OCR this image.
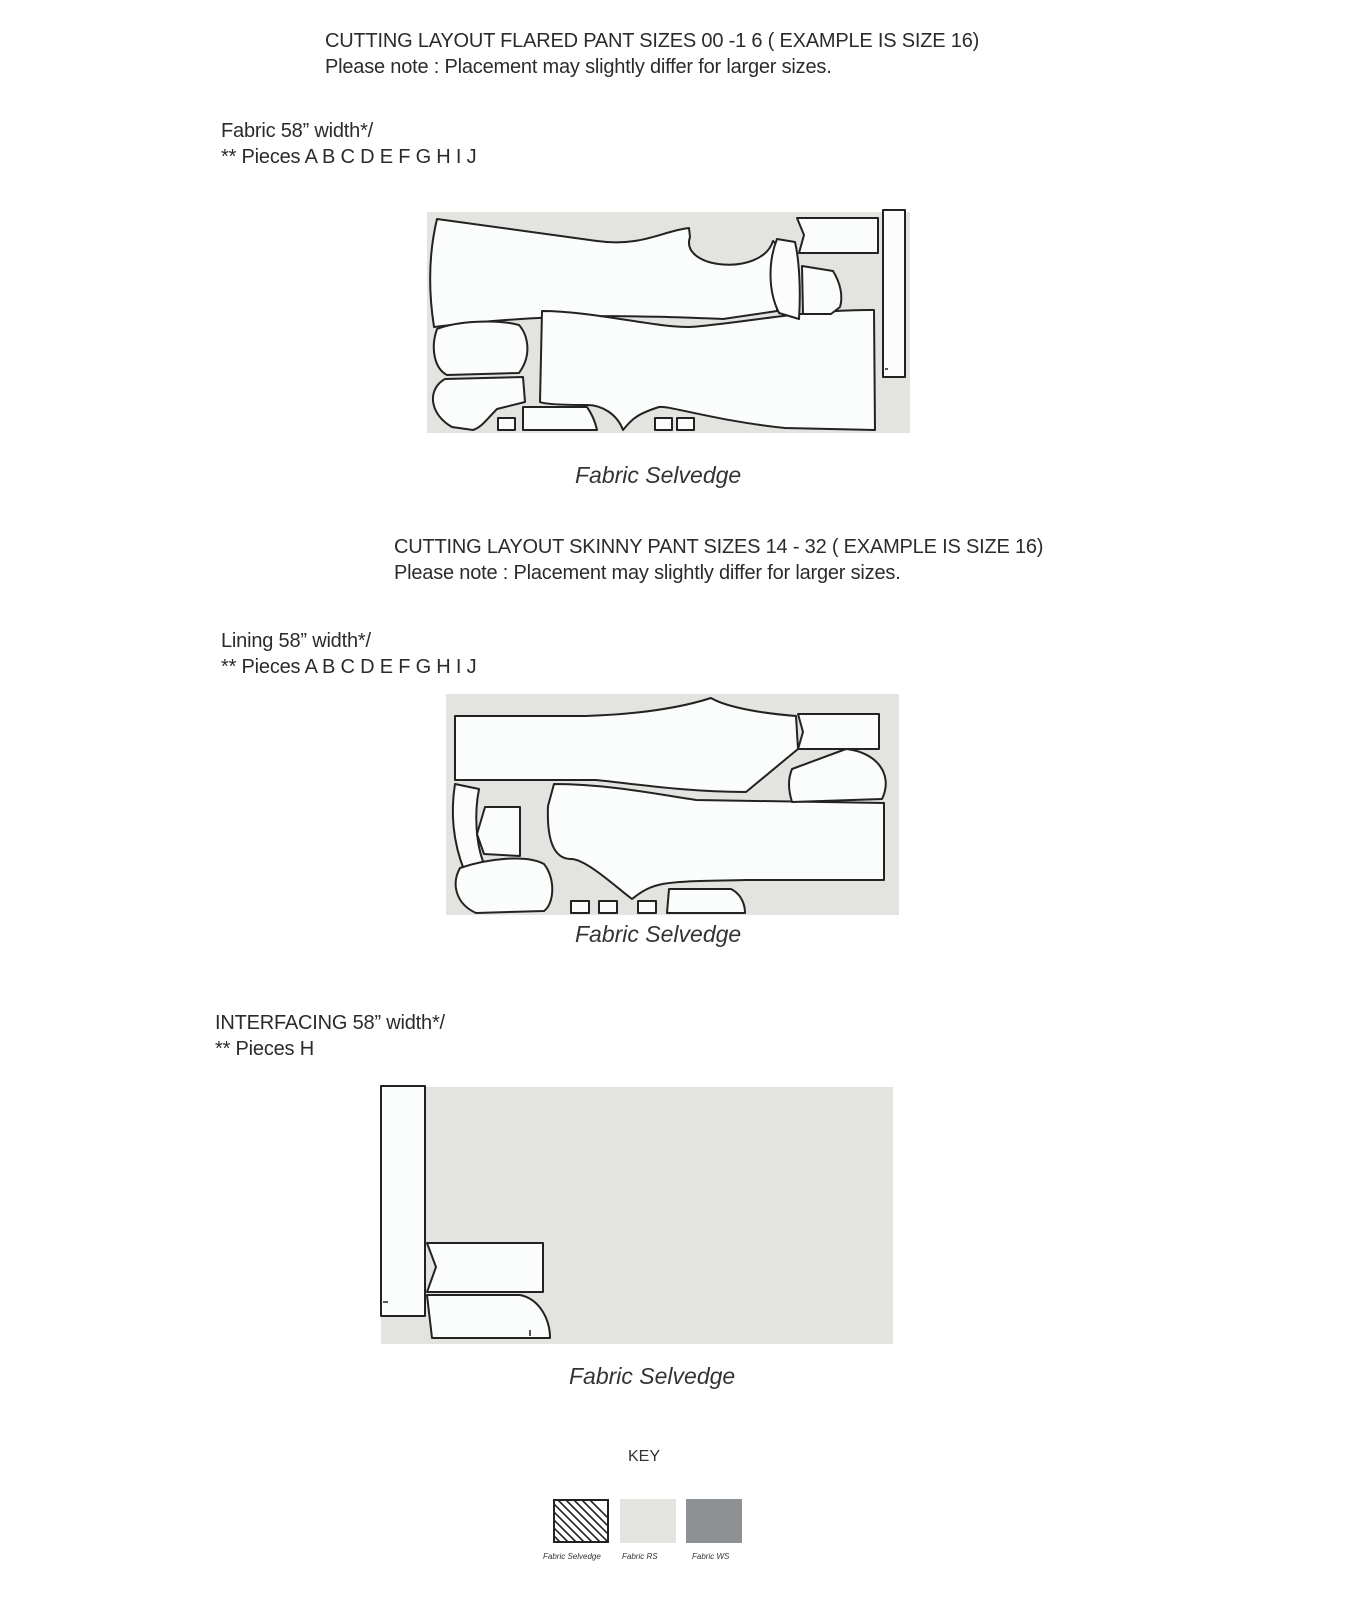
CUTTING LAYOUT FLARED PANT SIZES 00 -1 6 ( EXAMPLE IS SIZE 16)
Please note : Placement may slightly differ for larger sizes.
Fabric 58” width*/
** Pieces A B C D E F G H I J
Fabric Selvedge
CUTTING LAYOUT SKINNY PANT SIZES 14 - 32 ( EXAMPLE IS SIZE 16)
Please note : Placement may slightly differ for larger sizes.
Lining 58” width*/
** Pieces A B C D E F G H I J
Fabric Selvedge
INTERFACING 58” width*/
** Pieces H
Fabric Selvedge
KEY
Fabric Selvedge	Fabric RS	Fabric WS
